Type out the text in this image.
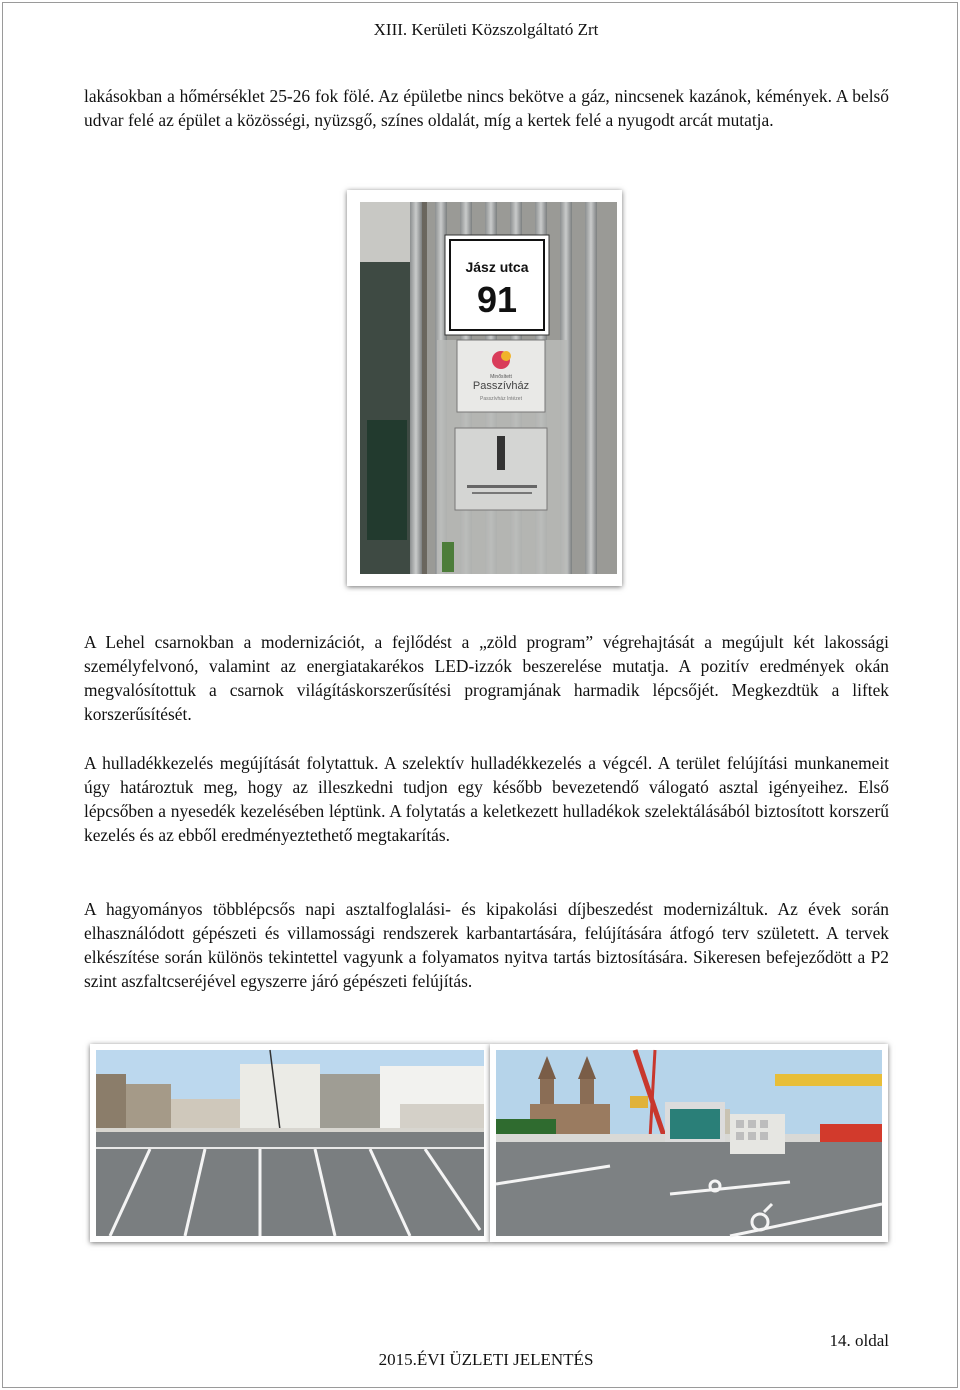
XIII. Kerületi Közszolgáltató Zrt

lakásokban a hőmérséklet 25-26 fok fölé. Az épületbe nincs bekötve a gáz, nincsenek kazánok, kémények. A belső udvar felé az épület a közösségi, nyüzsgő, színes oldalát, míg a kertek felé a nyugodt arcát mutatja.

Jász utca
91
Minősített
Passzívház
Passzívház Intézet

A Lehel csarnokban a modernizációt, a fejlődést a „zöld program” végrehajtását a megújult két lakossági személyfelvonó, valamint az energiatakarékos LED-izzók beszerelése mutatja. A pozitív eredmények okán megvalósítottuk a csarnok világításkorszerűsítési programjának harmadik lépcsőjét. Megkezdtük a liftek korszerűsítését.

A hulladékkezelés megújítását folytattuk. A szelektív hulladékkezelés a végcél. A terület felújítási munkanemeit úgy határoztuk meg, hogy az illeszkedni tudjon egy később bevezetendő válogató asztal igényeihez. Első lépcsőben a nyesedék kezelésében léptünk. A folytatás a keletkezett hulladékok szelektálásából biztosított korszerű kezelés és az ebből eredményeztethető megtakarítás.

A hagyományos többlépcsős napi asztalfoglalási- és kipakolási díjbeszedést modernizáltuk. Az évek során elhasználódott gépészeti és villamossági rendszerek karbantartására, felújítására átfogó terv született. A tervek elkészítése során különös tekintettel vagyunk a folyamatos nyitva tartás biztosítására. Sikeresen befejeződött a P2 szint aszfaltcseréjével egyszerre járó gépészeti felújítás.

14. oldal
2015.ÉVI ÜZLETI JELENTÉS
